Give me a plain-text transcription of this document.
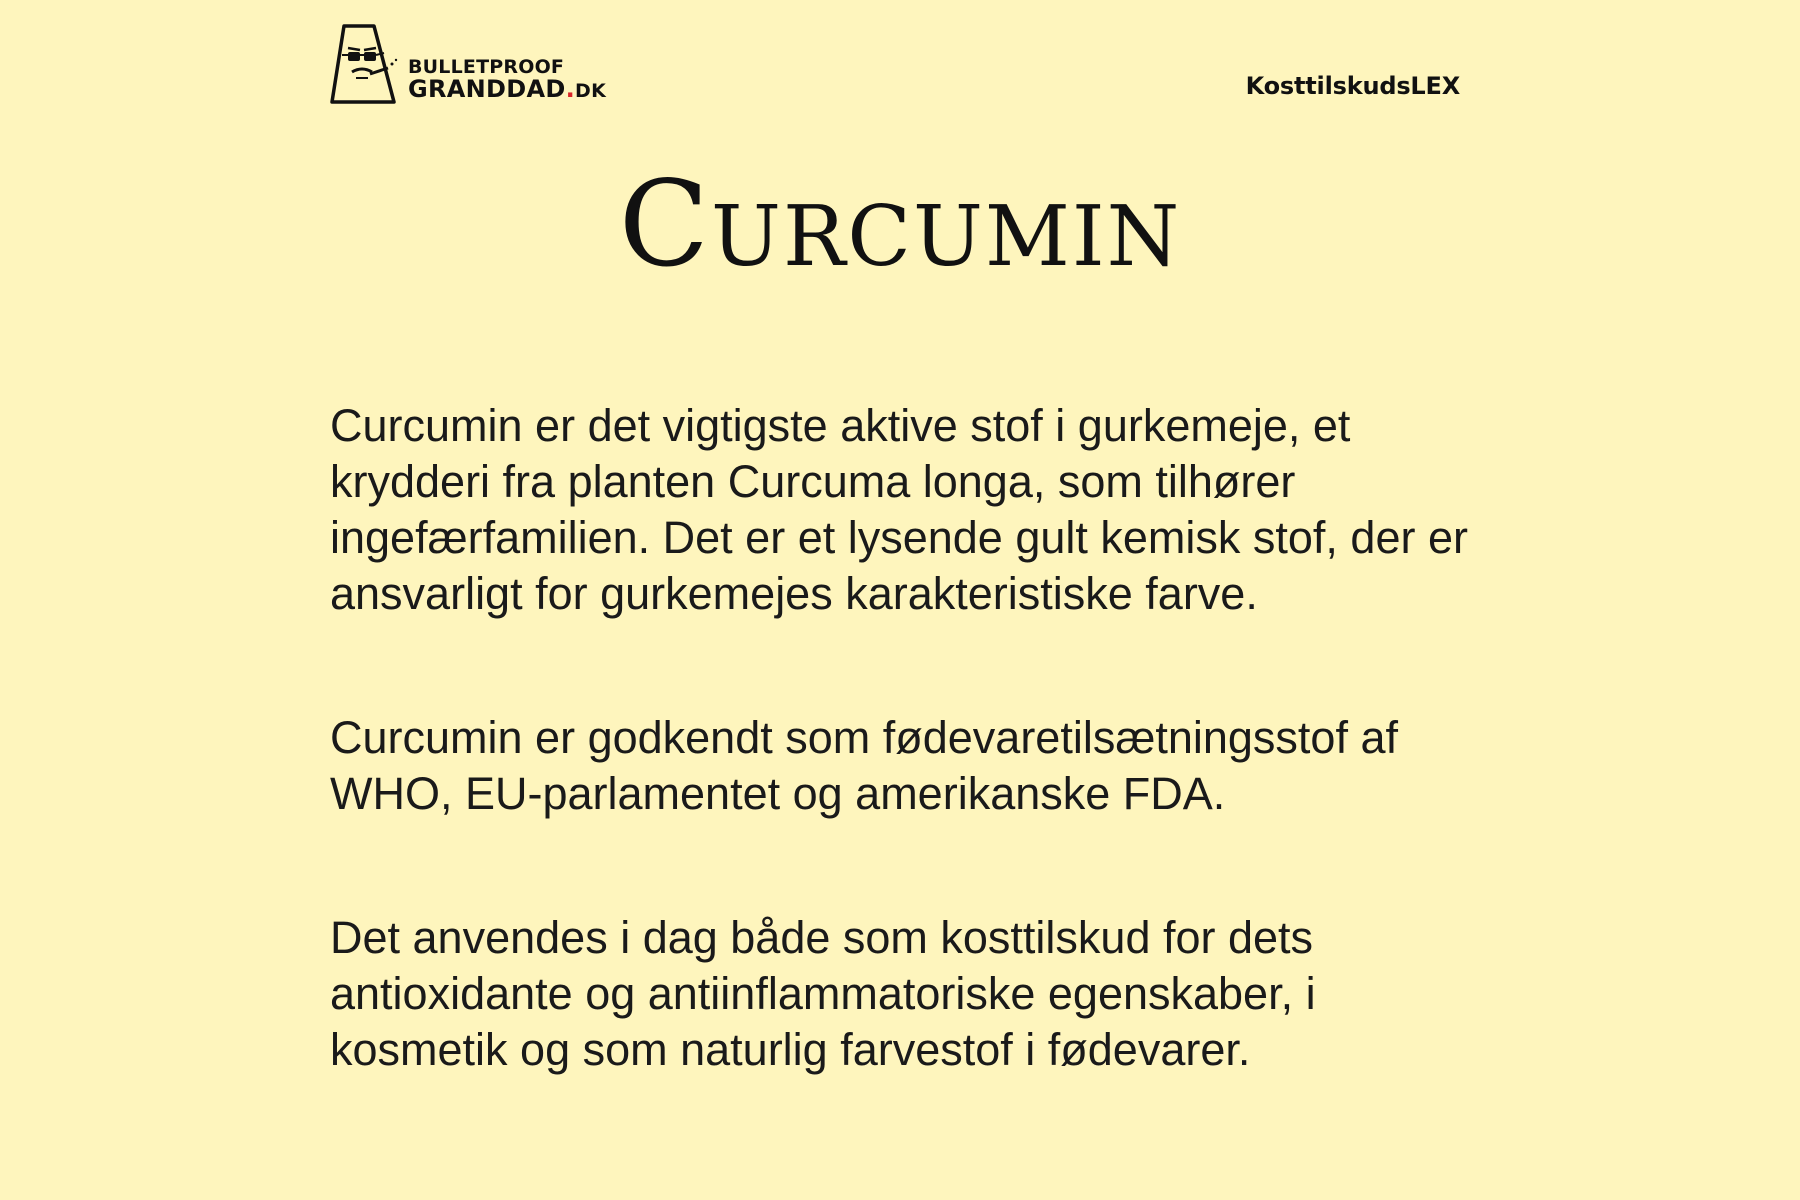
BULLETPROOF
GRANDDAD.DK	KosttilskudsLEX
Curcumin

Curcumin er det vigtigste aktive stof i gurkemeje, et krydderi fra planten Curcuma longa, som tilhører ingefærfamilien. Det er et lysende gult kemisk stof, der er ansvarligt for gurkemejes karakteristiske farve.

Curcumin er godkendt som fødevaretilsætningsstof af WHO, EU-parlamentet og amerikanske FDA.

Det anvendes i dag både som kosttilskud for dets antioxidante og antiinflammatoriske egenskaber, i kosmetik og som naturlig farvestof i fødevarer.
